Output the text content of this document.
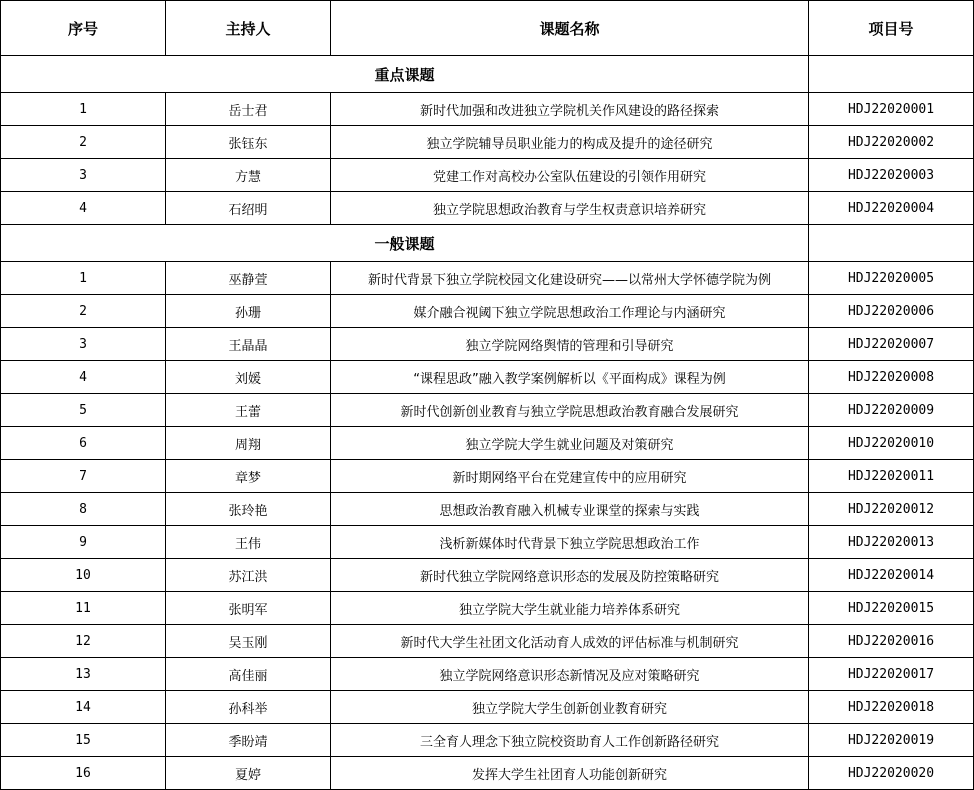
序号	主持人	课题名称	项目号
重点课题			
1	岳士君	新时代加强和改进独立学院机关作风建设的路径探索	HDJ22020001
2	张钰东	独立学院辅导员职业能力的构成及提升的途径研究	HDJ22020002
3	方慧	党建工作对高校办公室队伍建设的引领作用研究	HDJ22020003
4	石绍明	独立学院思想政治教育与学生权责意识培养研究	HDJ22020004
一般课题			
1	巫静萱	新时代背景下独立学院校园文化建设研究——以常州大学怀德学院为例	HDJ22020005
2	孙珊	媒介融合视阈下独立学院思想政治工作理论与内涵研究	HDJ22020006
3	王晶晶	独立学院网络舆情的管理和引导研究	HDJ22020007
4	刘媛	“课程思政”融入教学案例解析以《平面构成》课程为例	HDJ22020008
5	王蕾	新时代创新创业教育与独立学院思想政治教育融合发展研究	HDJ22020009
6	周翔	独立学院大学生就业问题及对策研究	HDJ22020010
7	章梦	新时期网络平台在党建宣传中的应用研究	HDJ22020011
8	张玲艳	思想政治教育融入机械专业课堂的探索与实践	HDJ22020012
9	王伟	浅析新媒体时代背景下独立学院思想政治工作	HDJ22020013
10	苏江洪	新时代独立学院网络意识形态的发展及防控策略研究	HDJ22020014
11	张明军	独立学院大学生就业能力培养体系研究	HDJ22020015
12	吴玉刚	新时代大学生社团文化活动育人成效的评估标准与机制研究	HDJ22020016
13	高佳丽	独立学院网络意识形态新情况及应对策略研究	HDJ22020017
14	孙科举	独立学院大学生创新创业教育研究	HDJ22020018
15	季盼靖	三全育人理念下独立院校资助育人工作创新路径研究	HDJ22020019
16	夏婷	发挥大学生社团育人功能创新研究	HDJ22020020
